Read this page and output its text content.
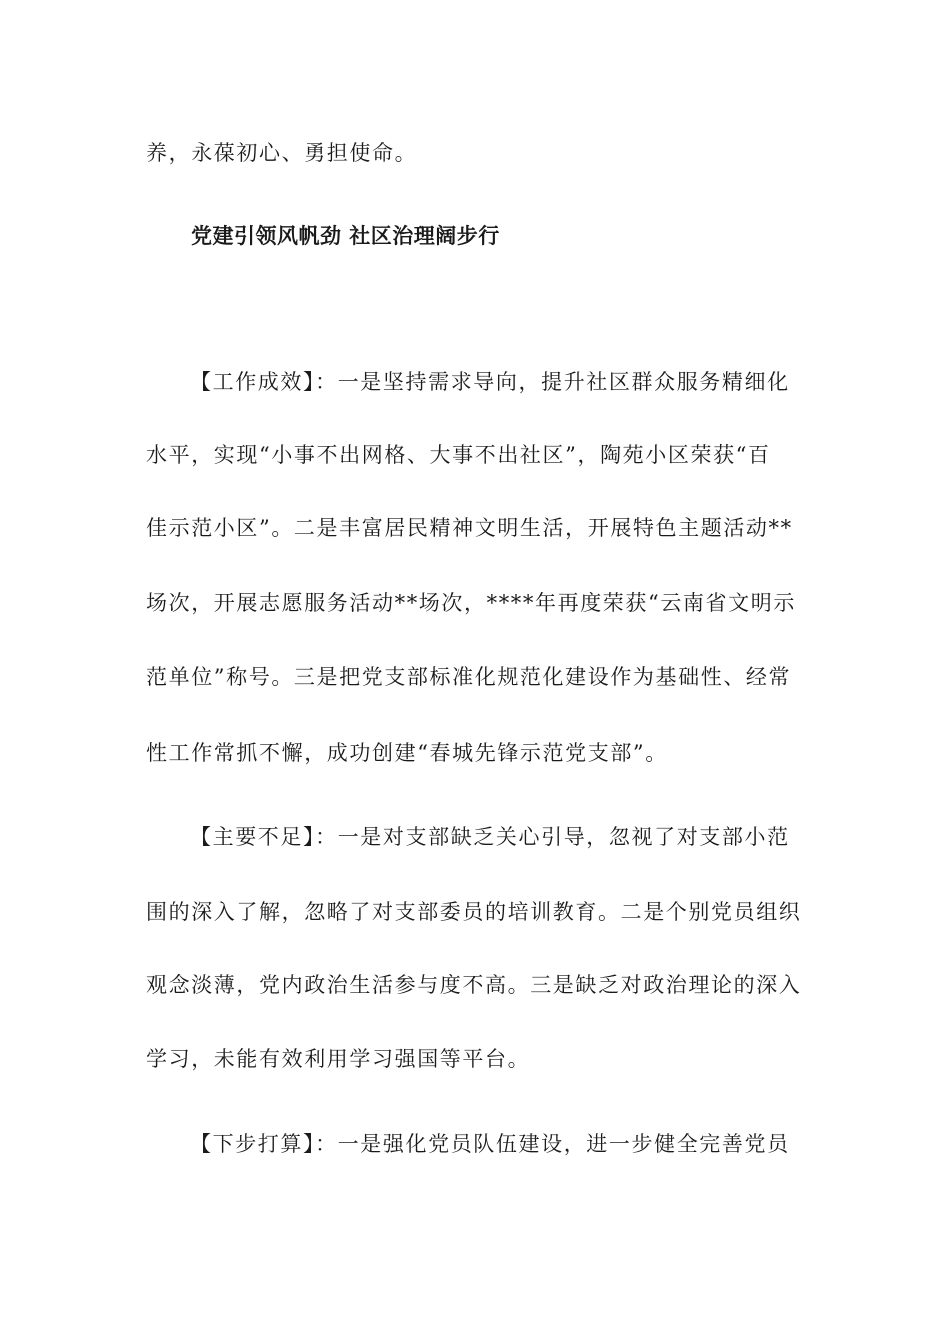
养，永葆初心、勇担使命。
党建引领风帆劲 社区治理阔步行
【工作成效】：一是坚持需求导向，提升社区群众服务精细化
水平，实现“小事不出网格、大事不出社区”，陶苑小区荣获“百
佳示范小区”。二是丰富居民精神文明生活，开展特色主题活动**
场次，开展志愿服务活动**场次，****年再度荣获“云南省文明示
范单位”称号。三是把党支部标准化规范化建设作为基础性、经常
性工作常抓不懈，成功创建“春城先锋示范党支部”。
【主要不足】：一是对支部缺乏关心引导，忽视了对支部小范
围的深入了解，忽略了对支部委员的培训教育。二是个别党员组织
观念淡薄，党内政治生活参与度不高。三是缺乏对政治理论的深入
学习，未能有效利用学习强国等平台。
【下步打算】：一是强化党员队伍建设，进一步健全完善党员
